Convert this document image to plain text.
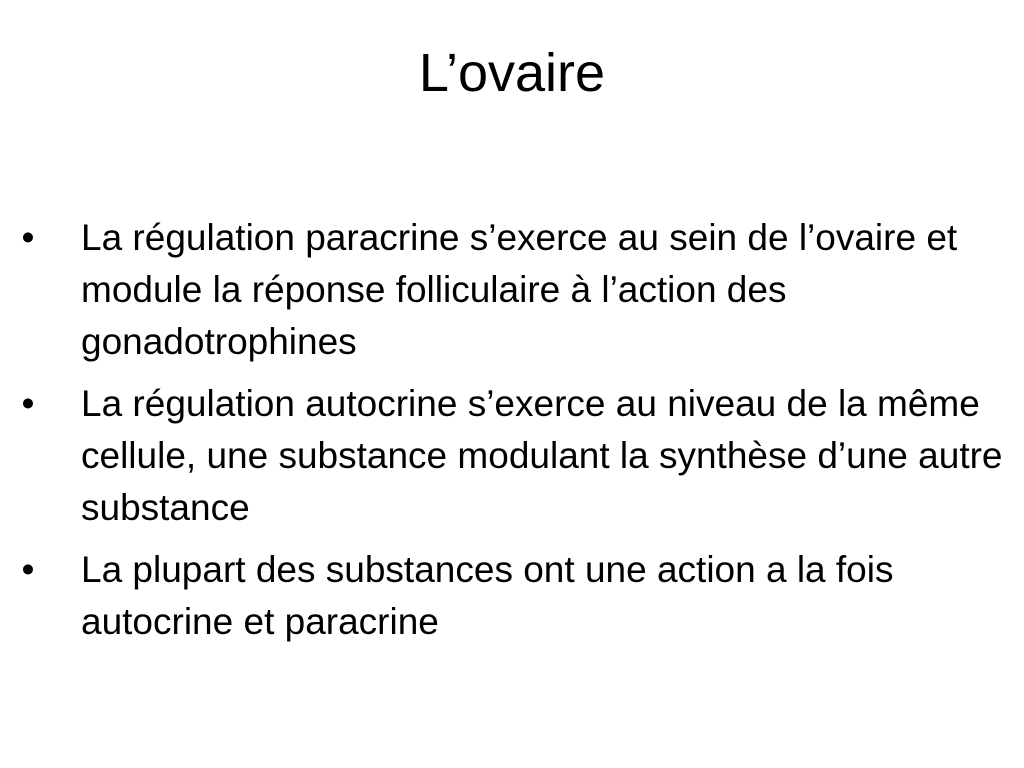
L’ovaire
• La régulation paracrine s’exerce au sein de l’ovaire et module la réponse folliculaire à l’action des gonadotrophines
• La régulation autocrine s’exerce au niveau de la même cellule, une substance modulant la synthèse d’une autre substance
• La plupart des substances ont une action a la fois autocrine et paracrine
